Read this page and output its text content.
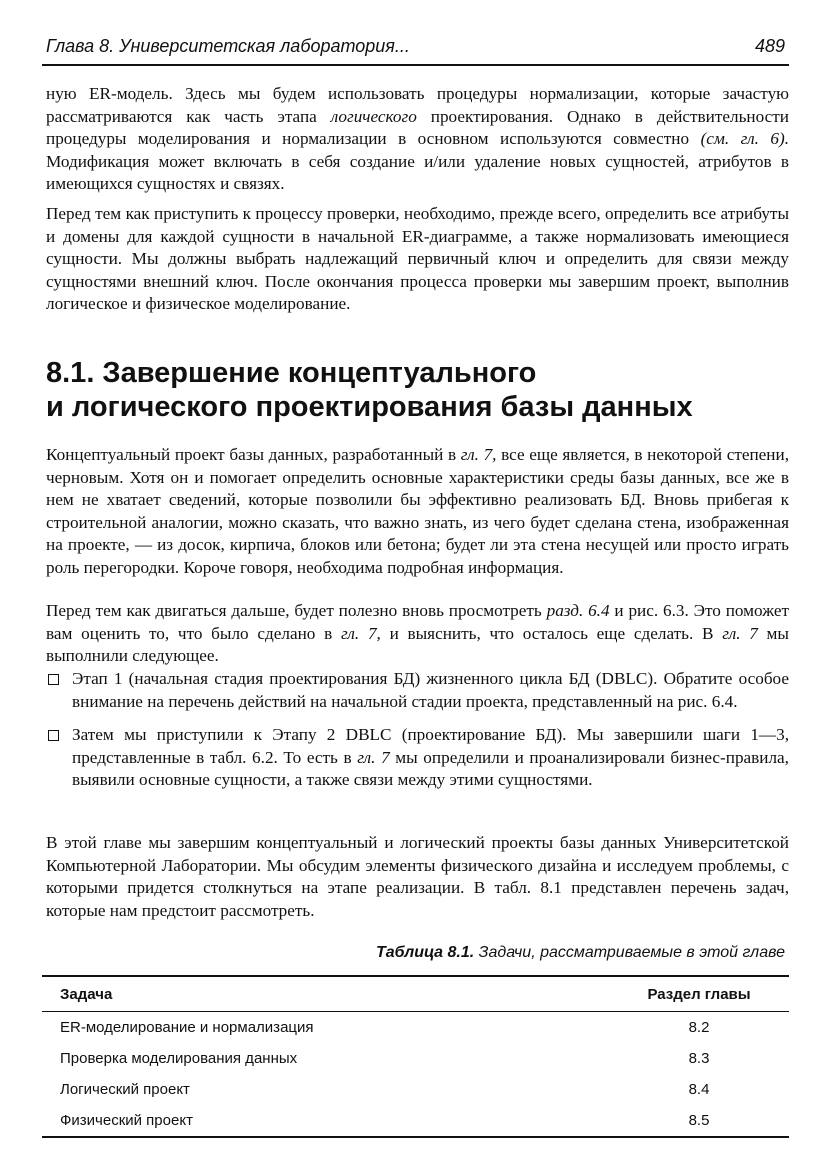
Глава 8. Университетская лаборатория...	489

ную ER-модель. Здесь мы будем использовать процедуры нормализации, которые зачастую рассматриваются как часть этапа логического проектирования. Однако в действительности процедуры моделирования и нормализации в основном используются совместно (см. гл. 6). Модификация может включать в себя создание и/или удаление новых сущностей, атрибутов в имеющихся сущностях и связях.

Перед тем как приступить к процессу проверки, необходимо, прежде всего, определить все атрибуты и домены для каждой сущности в начальной ER-диаграмме, а также нормализовать имеющиеся сущности. Мы должны выбрать надлежащий первичный ключ и определить для связи между сущностями внешний ключ. После окончания процесса проверки мы завершим проект, выполнив логическое и физическое моделирование.

8.1. Завершение концептуального
и логического проектирования базы данных

Концептуальный проект базы данных, разработанный в гл. 7, все еще является, в некоторой степени, черновым. Хотя он и помогает определить основные характеристики среды базы данных, все же в нем не хватает сведений, которые позволили бы эффективно реализовать БД. Вновь прибегая к строительной аналогии, можно сказать, что важно знать, из чего будет сделана стена, изображенная на проекте, — из досок, кирпича, блоков или бетона; будет ли эта стена несущей или просто играть роль перегородки. Короче говоря, необходима подробная информация.

Перед тем как двигаться дальше, будет полезно вновь просмотреть разд. 6.4 и рис. 6.3. Это поможет вам оценить то, что было сделано в гл. 7, и выяснить, что осталось еще сделать. В гл. 7 мы выполнили следующее.

Этап 1 (начальная стадия проектирования БД) жизненного цикла БД (DBLC). Обратите особое внимание на перечень действий на начальной стадии проекта, представленный на рис. 6.4.
Затем мы приступили к Этапу 2 DBLC (проектирование БД). Мы завершили шаги 1—3, представленные в табл. 6.2. То есть в гл. 7 мы определили и проанализировали бизнес-правила, выявили основные сущности, а также связи между этими сущностями.

В этой главе мы завершим концептуальный и логический проекты базы данных Университетской Компьютерной Лаборатории. Мы обсудим элементы физического дизайна и исследуем проблемы, с которыми придется столкнуться на этапе реализации. В табл. 8.1 представлен перечень задач, которые нам предстоит рассмотреть.

Таблица 8.1. Задачи, рассматриваемые в этой главе
Задача	Раздел главы
ER-моделирование и нормализация	8.2
Проверка моделирования данных	8.3
Логический проект	8.4
Физический проект	8.5
